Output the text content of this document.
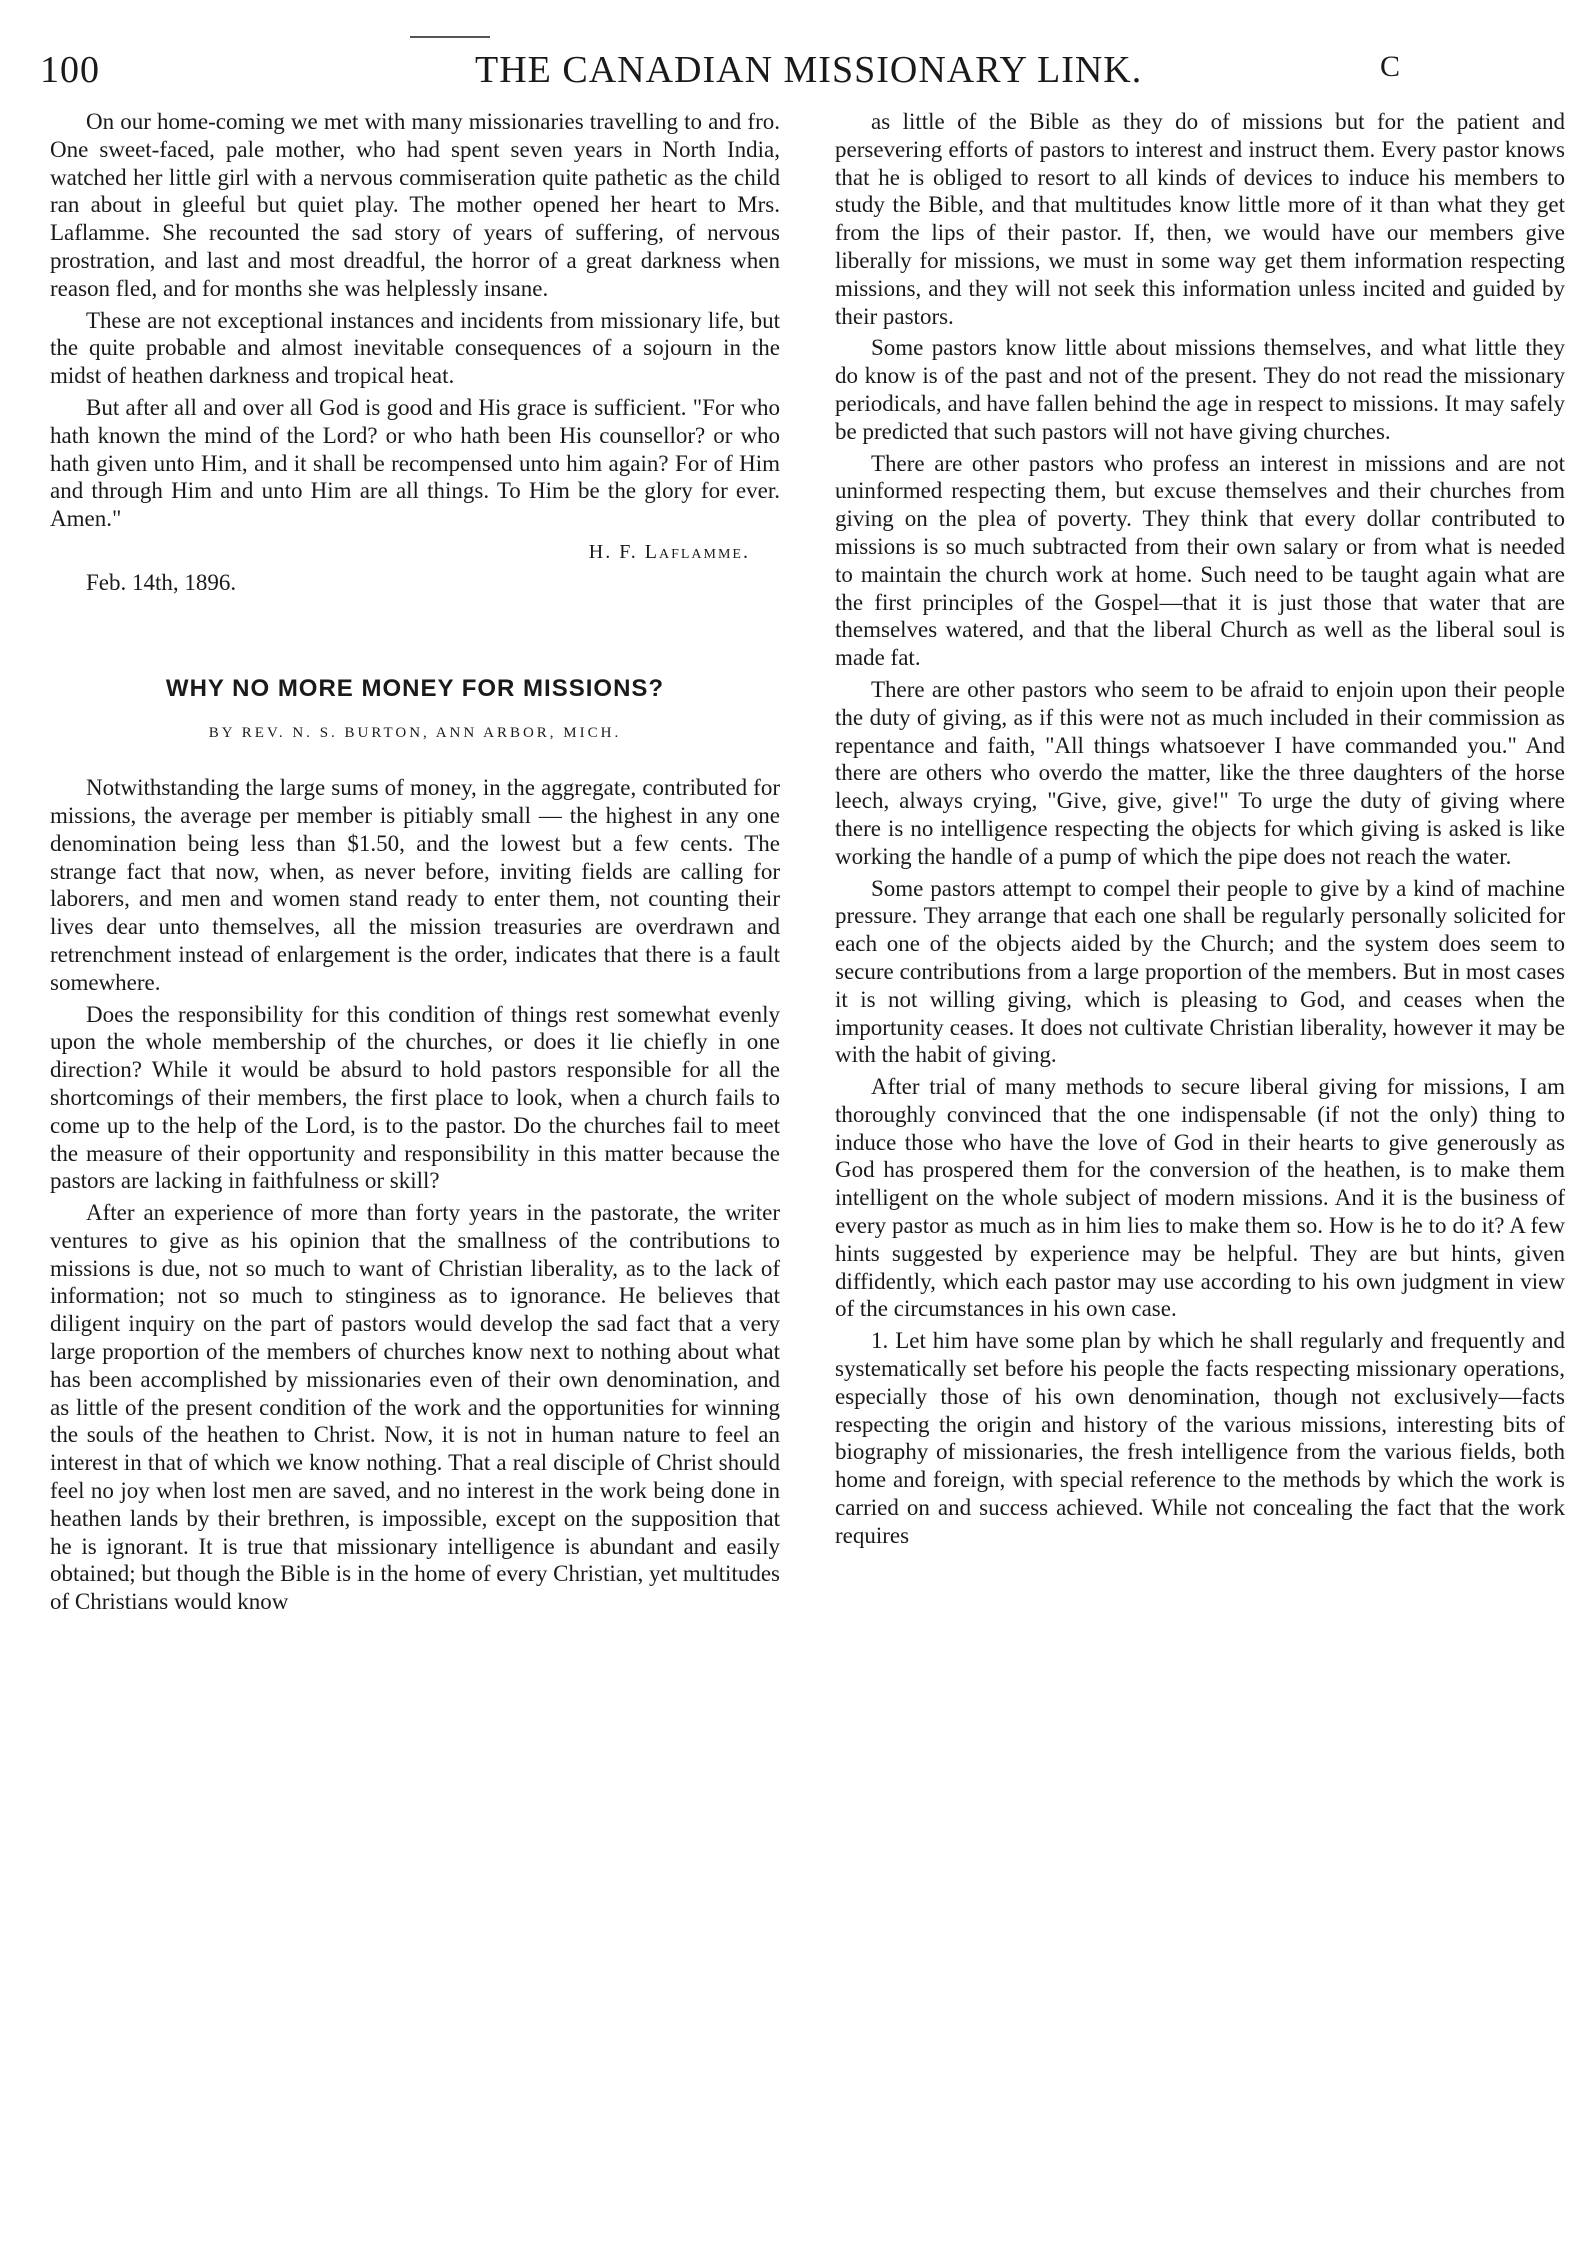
100	THE CANADIAN MISSIONARY LINK.	C

On our home-coming we met with many missionaries travelling to and fro. One sweet-faced, pale mother, who had spent seven years in North India, watched her little girl with a nervous commiseration quite pathetic as the child ran about in gleeful but quiet play. The mother opened her heart to Mrs. Laflamme. She recounted the sad story of years of suffering, of nervous prostration, and last and most dreadful, the horror of a great darkness when reason fled, and for months she was helplessly insane.

These are not exceptional instances and incidents from missionary life, but the quite probable and almost inevitable consequences of a sojourn in the midst of heathen darkness and tropical heat.

But after all and over all God is good and His grace is sufficient. "For who hath known the mind of the Lord? or who hath been His counsellor? or who hath given unto Him, and it shall be recompensed unto him again? For of Him and through Him and unto Him are all things. To Him be the glory for ever. Amen."

H. F. Laflamme.

Feb. 14th, 1896.

WHY NO MORE MONEY FOR MISSIONS?

BY REV. N. S. BURTON, ANN ARBOR, MICH.

Notwithstanding the large sums of money, in the aggregate, contributed for missions, the average per member is pitiably small — the highest in any one denomination being less than $1.50, and the lowest but a few cents. The strange fact that now, when, as never before, inviting fields are calling for laborers, and men and women stand ready to enter them, not counting their lives dear unto themselves, all the mission treasuries are overdrawn and retrenchment instead of enlargement is the order, indicates that there is a fault somewhere.

Does the responsibility for this condition of things rest somewhat evenly upon the whole membership of the churches, or does it lie chiefly in one direction? While it would be absurd to hold pastors responsible for all the shortcomings of their members, the first place to look, when a church fails to come up to the help of the Lord, is to the pastor. Do the churches fail to meet the measure of their opportunity and responsibility in this matter because the pastors are lacking in faithfulness or skill?

After an experience of more than forty years in the pastorate, the writer ventures to give as his opinion that the smallness of the contributions to missions is due, not so much to want of Christian liberality, as to the lack of information; not so much to stinginess as to ignorance. He believes that diligent inquiry on the part of pastors would develop the sad fact that a very large proportion of the members of churches know next to nothing about what has been accomplished by missionaries even of their own denomination, and as little of the present condition of the work and the opportunities for winning the souls of the heathen to Christ. Now, it is not in human nature to feel an interest in that of which we know nothing. That a real disciple of Christ should feel no joy when lost men are saved, and no interest in the work being done in heathen lands by their brethren, is impossible, except on the supposition that he is ignorant. It is true that missionary intelligence is abundant and easily obtained; but though the Bible is in the home of every Christian, yet multitudes of Christians would know

as little of the Bible as they do of missions but for the patient and persevering efforts of pastors to interest and instruct them. Every pastor knows that he is obliged to resort to all kinds of devices to induce his members to study the Bible, and that multitudes know little more of it than what they get from the lips of their pastor. If, then, we would have our members give liberally for missions, we must in some way get them information respecting missions, and they will not seek this information unless incited and guided by their pastors.

Some pastors know little about missions themselves, and what little they do know is of the past and not of the present. They do not read the missionary periodicals, and have fallen behind the age in respect to missions. It may safely be predicted that such pastors will not have giving churches.

There are other pastors who profess an interest in missions and are not uninformed respecting them, but excuse themselves and their churches from giving on the plea of poverty. They think that every dollar contributed to missions is so much subtracted from their own salary or from what is needed to maintain the church work at home. Such need to be taught again what are the first principles of the Gospel—that it is just those that water that are themselves watered, and that the liberal Church as well as the liberal soul is made fat.

There are other pastors who seem to be afraid to enjoin upon their people the duty of giving, as if this were not as much included in their commission as repentance and faith, "All things whatsoever I have commanded you." And there are others who overdo the matter, like the three daughters of the horse leech, always crying, "Give, give, give!" To urge the duty of giving where there is no intelligence respecting the objects for which giving is asked is like working the handle of a pump of which the pipe does not reach the water.

Some pastors attempt to compel their people to give by a kind of machine pressure. They arrange that each one shall be regularly personally solicited for each one of the objects aided by the Church; and the system does seem to secure contributions from a large proportion of the members. But in most cases it is not willing giving, which is pleasing to God, and ceases when the importunity ceases. It does not cultivate Christian liberality, however it may be with the habit of giving.

After trial of many methods to secure liberal giving for missions, I am thoroughly convinced that the one indispensable (if not the only) thing to induce those who have the love of God in their hearts to give generously as God has prospered them for the conversion of the heathen, is to make them intelligent on the whole subject of modern missions. And it is the business of every pastor as much as in him lies to make them so. How is he to do it? A few hints suggested by experience may be helpful. They are but hints, given diffidently, which each pastor may use according to his own judgment in view of the circumstances in his own case.

1. Let him have some plan by which he shall regularly and frequently and systematically set before his people the facts respecting missionary operations, especially those of his own denomination, though not exclusively—facts respecting the origin and history of the various missions, interesting bits of biography of missionaries, the fresh intelligence from the various fields, both home and foreign, with special reference to the methods by which the work is carried on and success achieved. While not concealing the fact that the work requires
